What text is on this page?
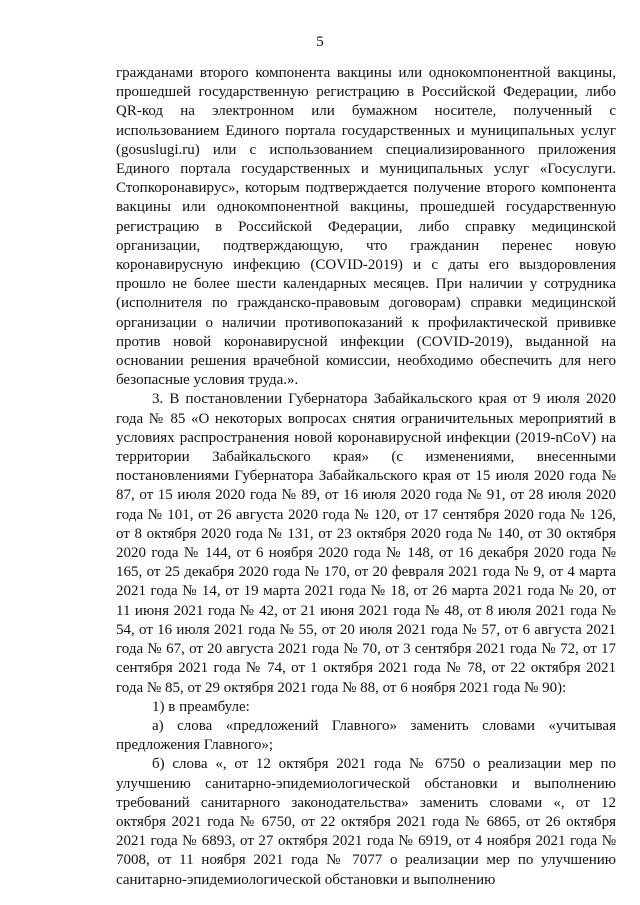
5

гражданами второго компонента вакцины или однокомпонентной вакцины, прошедшей государственную регистрацию в Российской Федерации, либо QR-код на электронном или бумажном носителе, полученный с использованием Единого портала государственных и муниципальных услуг (gosuslugi.ru) или с использованием специализированного приложения Единого портала государственных и муниципальных услуг «Госуслуги. Стопкоронавирус», которым подтверждается получение второго компонента вакцины или однокомпонентной вакцины, прошедшей государственную регистрацию в Российской Федерации, либо справку медицинской организации, подтверждающую, что гражданин перенес новую коронавирусную инфекцию (COVID-2019) и с даты его выздоровления прошло не более шести календарных месяцев. При наличии у сотрудника (исполнителя по гражданско-правовым договорам) справки медицинской организации о наличии противопоказаний к профилактической прививке против новой коронавирусной инфекции (COVID-2019), выданной на основании решения врачебной комиссии, необходимо обеспечить для него безопасные условия труда.».

3. В постановлении Губернатора Забайкальского края от 9 июля 2020 года № 85 «О некоторых вопросах снятия ограничительных мероприятий в условиях распространения новой коронавирусной инфекции (2019-nCoV) на территории Забайкальского края» (с изменениями, внесенными постановлениями Губернатора Забайкальского края от 15 июля 2020 года № 87, от 15 июля 2020 года № 89, от 16 июля 2020 года № 91, от 28 июля 2020 года № 101, от 26 августа 2020 года № 120, от 17 сентября 2020 года № 126, от 8 октября 2020 года № 131, от 23 октября 2020 года № 140, от 30 октября 2020 года № 144, от 6 ноября 2020 года № 148, от 16 декабря 2020 года № 165, от 25 декабря 2020 года № 170, от 20 февраля 2021 года № 9, от 4 марта 2021 года № 14, от 19 марта 2021 года № 18, от 26 марта 2021 года № 20, от 11 июня 2021 года № 42, от 21 июня 2021 года № 48, от 8 июля 2021 года № 54, от 16 июля 2021 года № 55, от 20 июля 2021 года № 57, от 6 августа 2021 года № 67, от 20 августа 2021 года № 70, от 3 сентября 2021 года № 72, от 17 сентября 2021 года № 74, от 1 октября 2021 года № 78, от 22 октября 2021 года № 85, от 29 октября 2021 года № 88, от 6 ноября 2021 года № 90):

1) в преамбуле:

а) слова «предложений Главного» заменить словами «учитывая предложения Главного»;

б) слова «, от 12 октября 2021 года № 6750 о реализации мер по улучшению санитарно-эпидемиологической обстановки и выполнению требований санитарного законодательства» заменить словами «, от 12 октября 2021 года № 6750, от 22 октября 2021 года № 6865, от 26 октября 2021 года № 6893, от 27 октября 2021 года № 6919, от 4 ноября 2021 года № 7008, от 11 ноября 2021 года № 7077 о реализации мер по улучшению санитарно-эпидемиологической обстановки и выполнению
